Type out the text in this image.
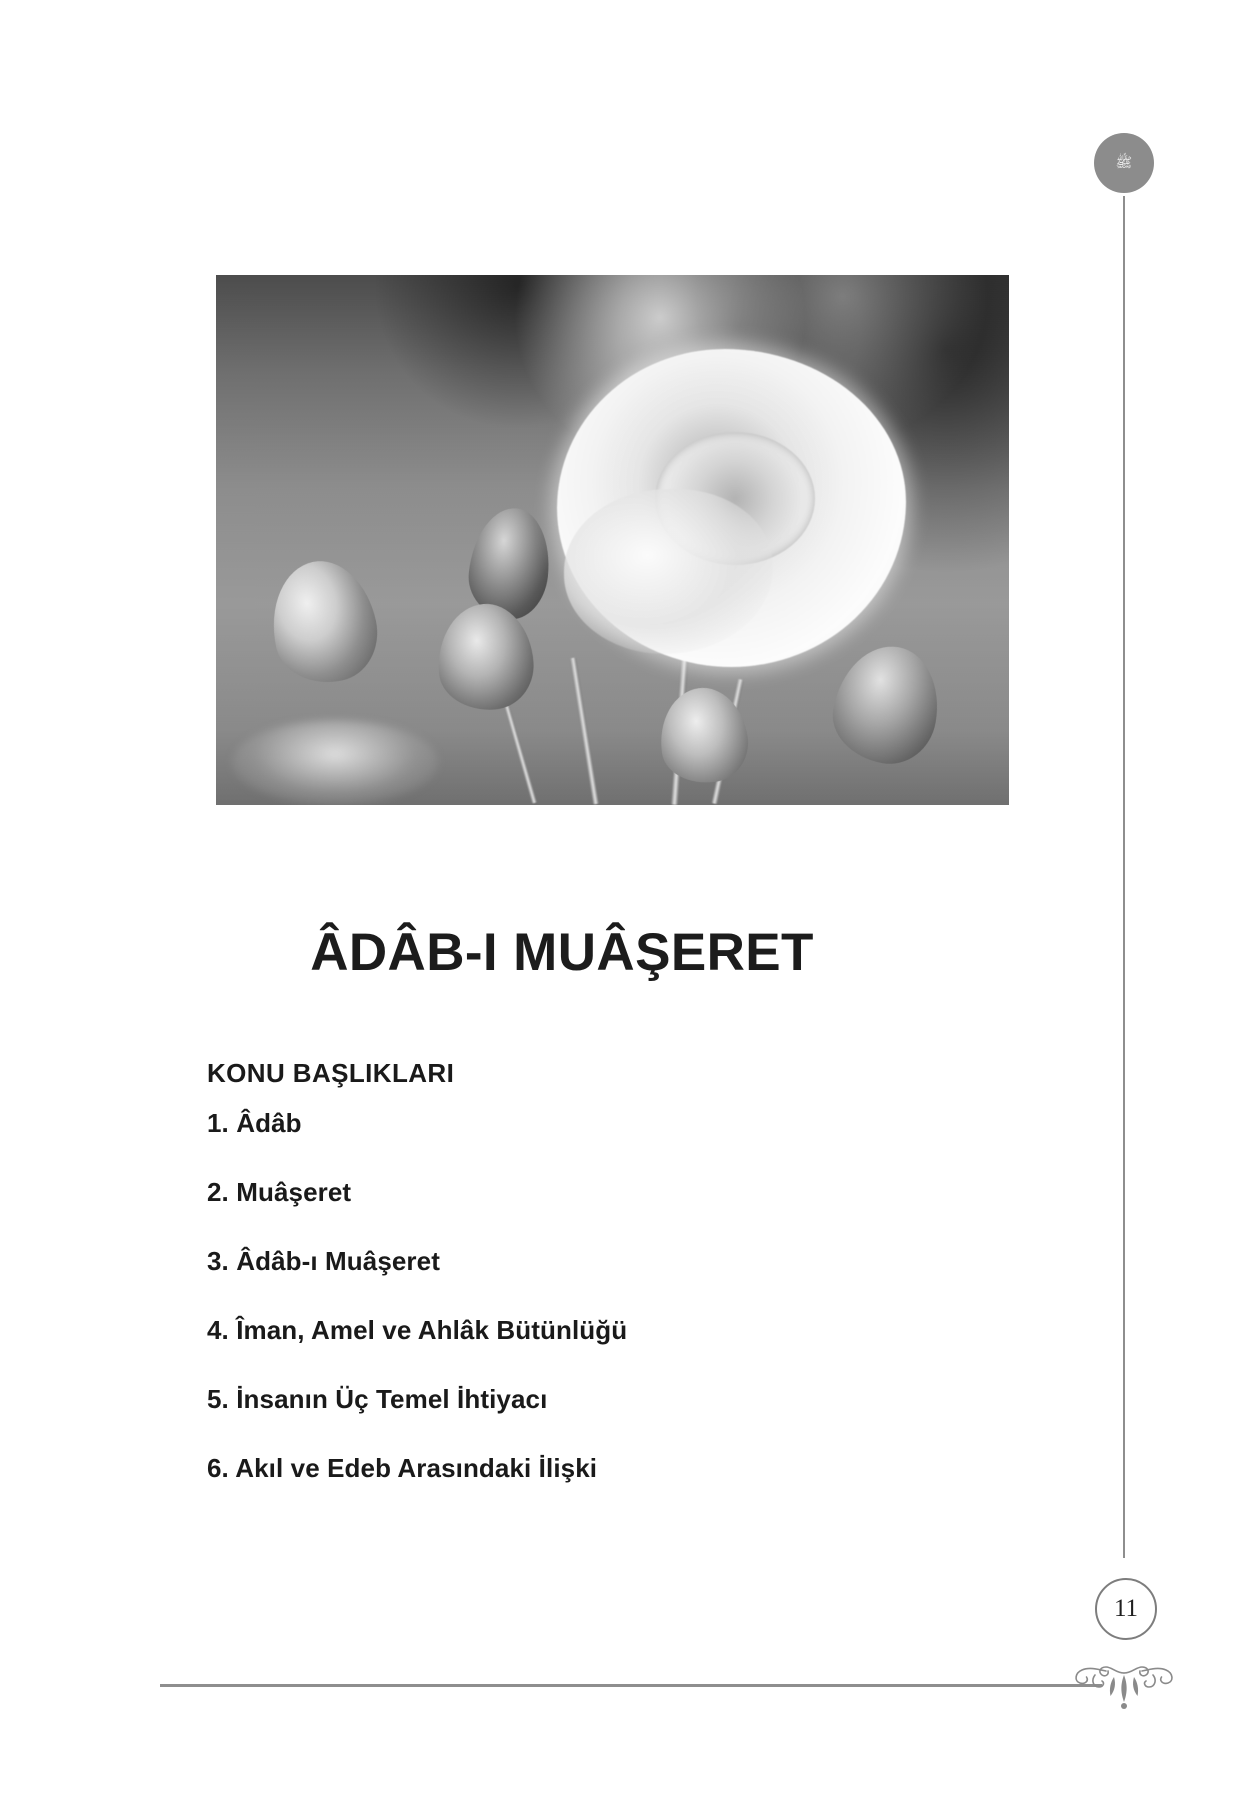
ﷺ
ÂDÂB-I MUÂŞERET
KONU BAŞLIKLARI
1. Âdâb
2. Muâşeret
3. Âdâb-ı Muâşeret
4. Îman, Amel ve Ahlâk Bütünlüğü
5. İnsanın Üç Temel İhtiyacı
6. Akıl ve Edeb Arasındaki İlişki
11
